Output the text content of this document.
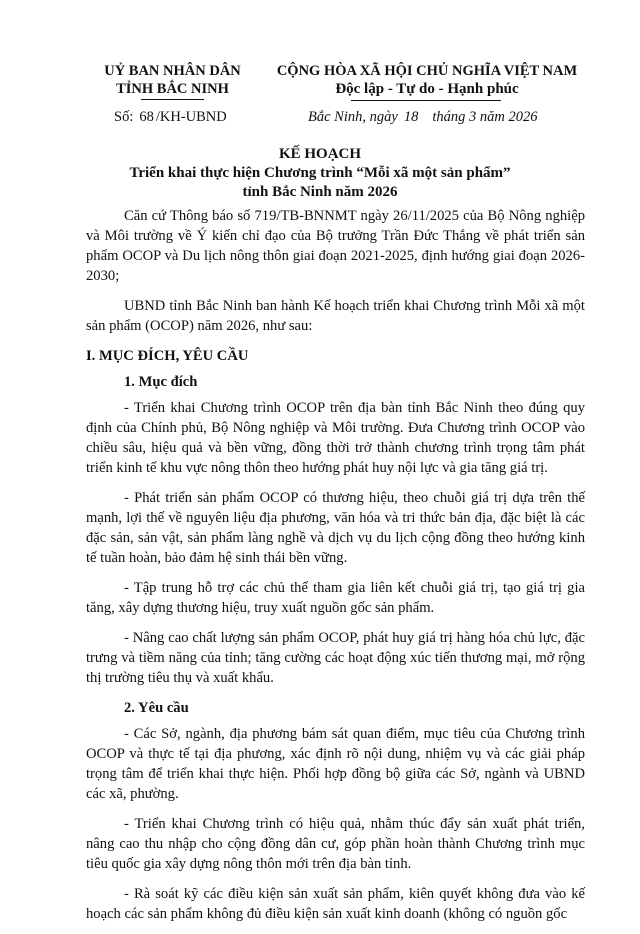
UỶ BAN NHÂN DÂN
TỈNH BẮC NINH
CỘNG HÒA XÃ HỘI CHỦ NGHĨA VIỆT NAM
Độc lập - Tự do - Hạnh phúc
Số: 68 /KH-UBND	Bắc Ninh, ngày 18 tháng 3 năm 2026
KẾ HOẠCH
Triển khai thực hiện Chương trình “Mỗi xã một sản phẩm”
tỉnh Bắc Ninh năm 2026

Căn cứ Thông báo số 719/TB-BNNMT ngày 26/11/2025 của Bộ Nông nghiệp và Môi trường về Ý kiến chỉ đạo của Bộ trưởng Trần Đức Thắng về phát triển sản phẩm OCOP và Du lịch nông thôn giai đoạn 2021-2025, định hướng giai đoạn 2026-2030;

UBND tỉnh Bắc Ninh ban hành Kế hoạch triển khai Chương trình Mỗi xã một sản phẩm (OCOP) năm 2026, như sau:

I. MỤC ĐÍCH, YÊU CẦU
1. Mục đích

- Triển khai Chương trình OCOP trên địa bàn tỉnh Bắc Ninh theo đúng quy định của Chính phủ, Bộ Nông nghiệp và Môi trường. Đưa Chương trình OCOP vào chiều sâu, hiệu quả và bền vững, đồng thời trở thành chương trình trọng tâm phát triển kinh tế khu vực nông thôn theo hướng phát huy nội lực và gia tăng giá trị.

- Phát triển sản phẩm OCOP có thương hiệu, theo chuỗi giá trị dựa trên thế mạnh, lợi thế về nguyên liệu địa phương, văn hóa và tri thức bản địa, đặc biệt là các đặc sản, sản vật, sản phẩm làng nghề và dịch vụ du lịch cộng đồng theo hướng kinh tế tuần hoàn, bảo đảm hệ sinh thái bền vững.

- Tập trung hỗ trợ các chủ thể tham gia liên kết chuỗi giá trị, tạo giá trị gia tăng, xây dựng thương hiệu, truy xuất nguồn gốc sản phẩm.

- Nâng cao chất lượng sản phẩm OCOP, phát huy giá trị hàng hóa chủ lực, đặc trưng và tiềm năng của tỉnh; tăng cường các hoạt động xúc tiến thương mại, mở rộng thị trường tiêu thụ và xuất khẩu.

2. Yêu cầu

- Các Sở, ngành, địa phương bám sát quan điểm, mục tiêu của Chương trình OCOP và thực tế tại địa phương, xác định rõ nội dung, nhiệm vụ và các giải pháp trọng tâm để triển khai thực hiện. Phối hợp đồng bộ giữa các Sở, ngành và UBND các xã, phường.

- Triển khai Chương trình có hiệu quả, nhằm thúc đẩy sản xuất phát triển, nâng cao thu nhập cho cộng đồng dân cư, góp phần hoàn thành Chương trình mục tiêu quốc gia xây dựng nông thôn mới trên địa bàn tỉnh.

- Rà soát kỹ các điều kiện sản xuất sản phẩm, kiên quyết không đưa vào kế hoạch các sản phẩm không đủ điều kiện sản xuất kinh doanh (không có nguồn gốc
